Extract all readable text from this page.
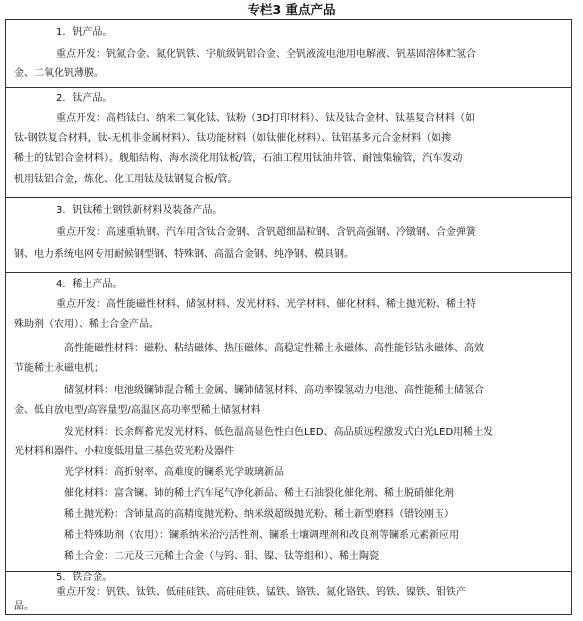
专栏3 重点产品
1．钒产品。
重点开发：钒氮合金、氮化钒铁、宇航级钒铝合金、全钒液流电池用电解液、钒基固溶体贮氢合
金、二氧化钒薄膜。
2．钛产品。
重点开发：高档钛白、纳米二氧化钛、钛粉（3D打印材料）、钛及钛合金材、钛基复合材料（如
钛-钢铁复合材料，钛-无机非金属材料）、钛功能材料（如钛催化材料）、钛铝基多元合金材料（如掺
稀土的钛铝合金材料）。舰船结构、海水淡化用钛板/管，石油工程用钛油井管、耐蚀集输管，汽车发动
机用钛铝合金，炼化、化工用钛及钛钢复合板/管。
3．钒钛稀土钢铁新材料及装备产品。
重点开发：高速重轨钢、汽车用含钛合金钢、含钒超细晶粒钢、含钒高强钢、冷镦钢、合金弹簧
钢、电力系统电网专用耐候钢型钢、特殊钢、高温合金钢、纯净钢、模具钢。
4．稀土产品。
重点开发：高性能磁性材料、储氢材料、发光材料、光学材料、催化材料、稀土抛光粉、稀土特
殊助剂（农用）、稀土合金产品。
高性能磁性材料：磁粉、粘结磁体、热压磁体、高稳定性稀土永磁体、高性能钐钴永磁体、高效
节能稀土永磁电机；
储氢材料：电池级镧铈混合稀土金属、镧铈储氢材料、高功率镍氢动力电池、高性能稀土储氢合
金、低自放电型/高容量型/高温区高功率型稀土储氢材料
发光材料：长余辉蓄光发光材料、低色温高显色性白色LED、高品质远程激发式白光LED用稀土发
光材料和器件、小粒度低用量三基色荧光粉及器件
光学材料：高折射率、高难度的镧系光学玻璃新品
催化材料：富含镧、铈的稀土汽车尾气净化新品、稀土石油裂化催化剂、稀土脱硝催化剂
稀土抛光粉：含铈量高的高精度抛光粉、纳米级超级抛光粉、稀土新型磨料（镨铰刚玉）
稀土特殊助剂（农用）：镧系纳米治污活性剂、镧系土壤调理剂和改良剂等镧系元素新应用
稀土合金：二元及三元稀土合金（与钨、钼、镍、钛等组和）、稀土陶瓷
5．铁合金。
重点开发：钒铁、钛铁、低硅硅铁、高硅硅铁、锰铁、铬铁、氮化铬铁、钨铁、镍铁、钼铁产
品。
